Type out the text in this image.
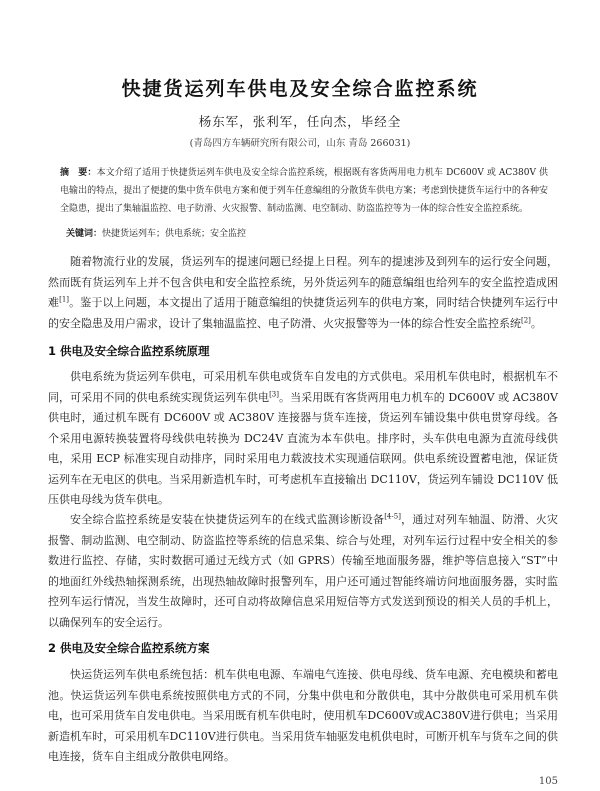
快捷货运列车供电及安全综合监控系统
杨东军，张利军，任向杰，毕经全
(青岛四方车辆研究所有限公司，山东 青岛 266031)
摘　要：本文介绍了适用于快捷货运列车供电及安全综合监控系统，根据既有客货两用电力机车 DC600V 或 AC380V 供电输出的特点，提出了便捷的集中货车供电方案和便于列车任意编组的分散货车供电方案；考虑到快捷货车运行中的各种安全隐患，提出了集轴温监控、电子防滑、火灾报警、制动监测、电空制动、防盗监控等为一体的综合性安全监控系统。
关键词：快捷货运列车；供电系统；安全监控

随着物流行业的发展，货运列车的提速问题已经提上日程。列车的提速涉及到列车的运行安全问题，然而既有货运列车上并不包含供电和安全监控系统，另外货运列车的随意编组也给列车的安全监控造成困难[1]。鉴于以上问题，本文提出了适用于随意编组的快捷货运列车的供电方案，同时结合快捷列车运行中的安全隐患及用户需求，设计了集轴温监控、电子防滑、火灾报警等为一体的综合性安全监控系统[2]。

1 供电及安全综合监控系统原理

供电系统为货运列车供电，可采用机车供电或货车自发电的方式供电。采用机车供电时，根据机车不同，可采用不同的供电系统实现货运列车供电[3]。当采用既有客货两用电力机车的 DC600V 或 AC380V 供电时，通过机车既有 DC600V 或 AC380V 连接器与货车连接，货运列车铺设集中供电贯穿母线。各个采用电源转换装置将母线供电转换为 DC24V 直流为本车供电。排序时，头车供电电源为直流母线供电，采用 ECP 标准实现自动排序，同时采用电力载波技术实现通信联网。供电系统设置蓄电池，保证货运列车在无电区的供电。当采用新造机车时，可考虑机车直接输出 DC110V，货运列车铺设 DC110V 低压供电母线为货车供电。

安全综合监控系统是安装在快捷货运列车的在线式监测诊断设备[4-5]，通过对列车轴温、防滑、火灾报警、制动监测、电空制动、防盗监控等系统的信息采集、综合与处理，对列车运行过程中安全相关的参数进行监控、存储，实时数据可通过无线方式（如 GPRS）传输至地面服务器，维护等信息接入“ST”中的地面红外线热轴探测系统，出现热轴故障时报警列车，用户还可通过智能终端访问地面服务器，实时监控列车运行情况，当发生故障时，还可自动将故障信息采用短信等方式发送到预设的相关人员的手机上，以确保列车的安全运行。

2 供电及安全综合监控系统方案

快运货运列车供电系统包括：机车供电电源、车端电气连接、供电母线、货车电源、充电模块和蓄电池。快运货运列车供电系统按照供电方式的不同，分集中供电和分散供电，其中分散供电可采用机车供电，也可采用货车自发电供电。当采用既有机车供电时，使用机车DC600V或AC380V进行供电；当采用新造机车时，可采用机车DC110V进行供电。当采用货车轴驱发电机供电时，可断开机车与货车之间的供电连接，货车自主组成分散供电网络。

105
